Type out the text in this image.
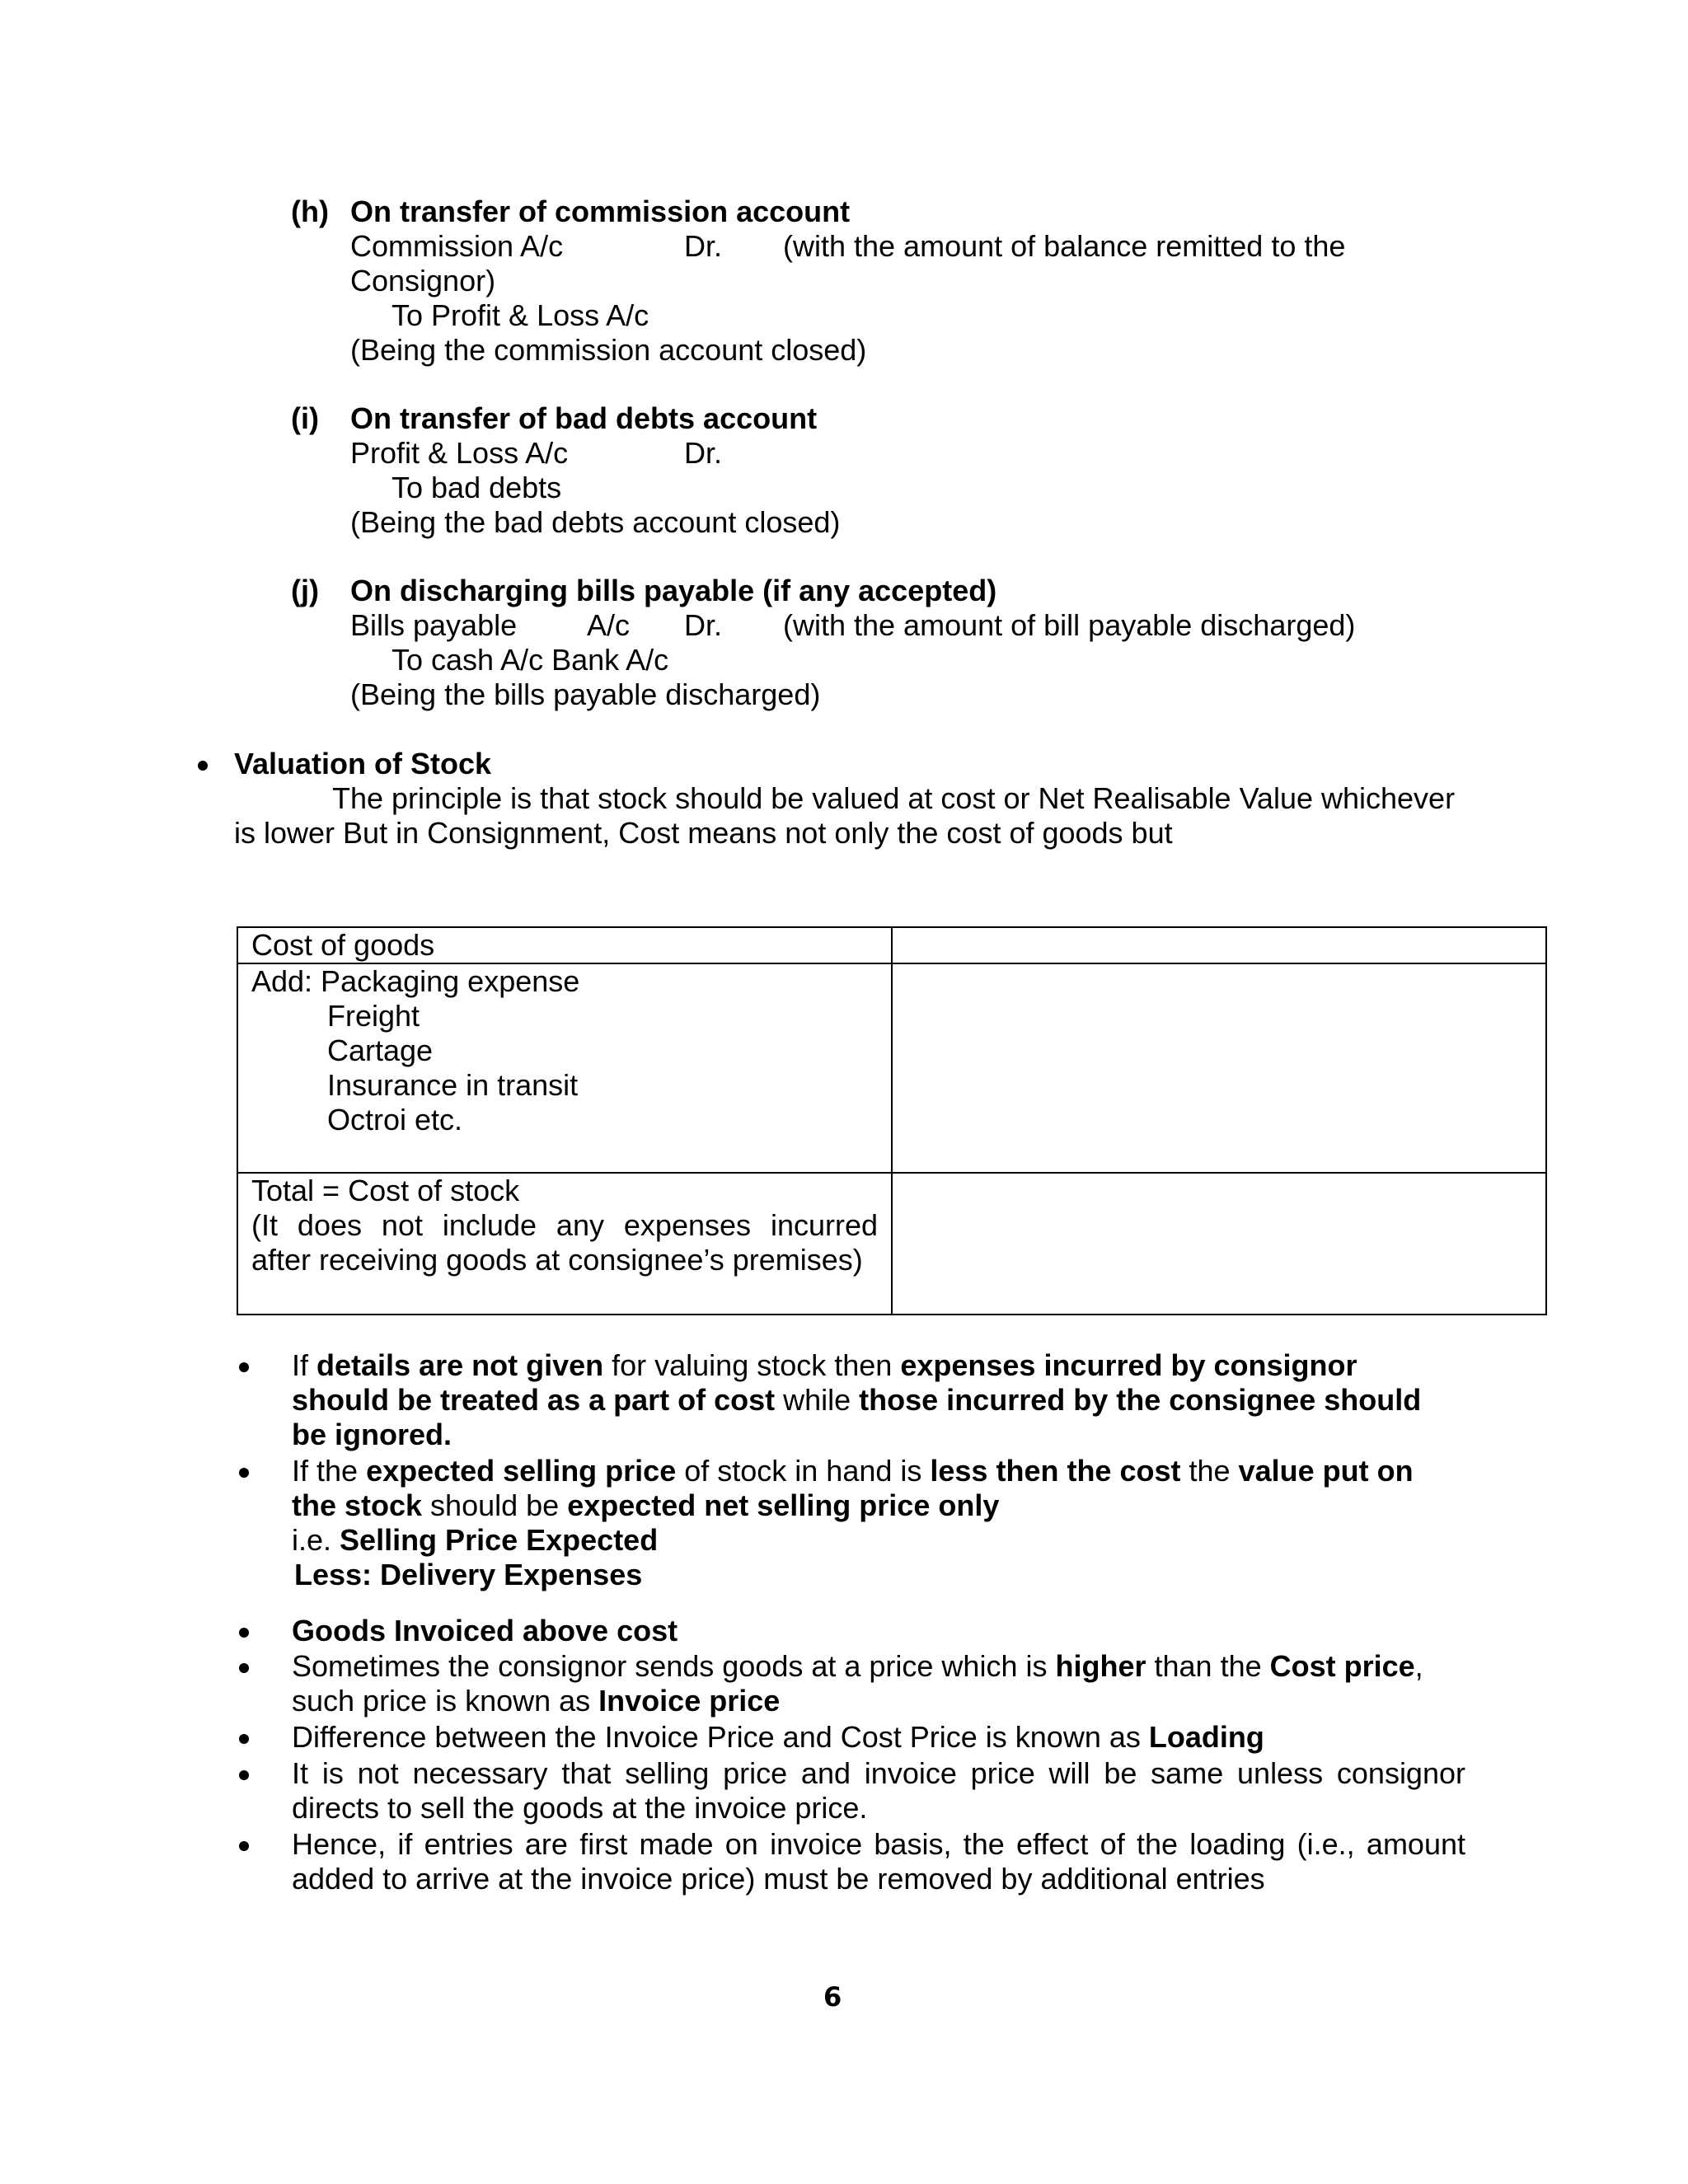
(h) On transfer of commission account
Commission A/c	Dr. (with the amount of balance remitted to the
Consignor)
To Profit & Loss A/c
(Being the commission account closed)
(i) On transfer of bad debts account
Profit & Loss A/c	Dr.
To bad debts
(Being the bad debts account closed)
(j) On discharging bills payable (if any accepted)
Bills payable A/c Dr. (with the amount of bill payable discharged)
To cash A/c Bank A/c
(Being the bills payable discharged)
Valuation of Stock
The principle is that stock should be valued at cost or Net Realisable Value whichever
is lower But in Consignment, Cost means not only the cost of goods but
Cost of goods	

Add: Packaging expense
Freight
Cartage
Insurance in transit
Octroi etc.	

Total = Cost of stock
(It does not include any expenses incurred
after receiving goods at consignee’s premises)	

If details are not given for valuing stock then expenses incurred by consignor
should be treated as a part of cost while those incurred by the consignee should
be ignored.
If the expected selling price of stock in hand is less then the cost the value put on
the stock should be expected net selling price only
i.e. Selling Price Expected
Less: Delivery Expenses
Goods Invoiced above cost
Sometimes the consignor sends goods at a price which is higher than the Cost price,
such price is known as Invoice price
Difference between the Invoice Price and Cost Price is known as Loading
It is not necessary that selling price and invoice price will be same unless consignor
directs to sell the goods at the invoice price.
Hence, if entries are first made on invoice basis, the effect of the loading (i.e., amount
added to arrive at the invoice price) must be removed by additional entries
6
